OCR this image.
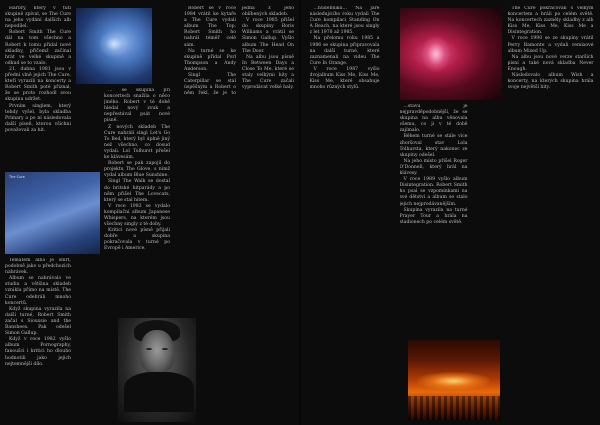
Harbry, který v tutí skupině zpíval, se The Cure na jeho vydání dalších alb nepodílel.

Robert Smith The Cure dál na tom všechno a Robert k tomu přidal nové skladby, přičemž začínal hrát ve velké skupině a odkud se to vzalo.

21. dubna 1981 jsou v přední vlně jejich The Cure, kteří vyrazili na koncerty a Robert Smith poté přiznal, že se proto rozhodl svou skupinu udržet.

Prvním singlem, který tehdy vyšel, byla skladba Primary a po ní následovala další píseň, kterou všichni považovali za hit.

The Cure

Tématem alba je smrt, podobně jako u předchozích nahrávek.

Album se nahrávalo ve studiu a většina skladeb vznikla přímo na místě. The Cure odehráli mnoho koncertů.

Když skupina vyrazila na další turné, Robert Smith začal s Siouxsie and the Banshees. Pak odešel Simon Gallup.

Když v roce 1982 vyšlo album Pornography, fanoušci i kritici ho dlouho hodnotili jako jejich nejtemnější dílo.

... se skupina při koncertech snažila o něco jiného. Robert v té době hledal nový zvuk a nepřestával psát nové písně.

Z nových skladeb The Cure nahráli singl Let's Go To Bed, který byl úplně jiný než všechno, co dosud vydali. Lol Tolhurst přešel ke klávesám.

Robert se pak zapojil do projektu The Glove, s nímž vydal album Blue Sunshine.

Singl The Walk se dostal do britské hitparády a po něm přišel The Lovecats, který se stal hitem.

V roce 1983 se vydalo kompilační album Japanese Whispers, na kterém jsou všechny singly z té doby.

Kritici nové písně přijali dobře a skupina pokračovala v turné po Evropě i Americe.

Robert se v roce 1984 vrátil ke kytaře a The Cure vydali album The Top. Robert Smith ho nahrál téměř celé sám.

Na turné se ke skupině přidal Porl Thompson a Andy Anderson.

Singl The Caterpillar se stal úspěšným a Robert o něm řekl, že je to jedna z jeho oblíbených skladeb.

V roce 1985 přišel do skupiny Boris Williams a vrátil se Simon Gallup. Vyšlo album The Head On The Door.

Na albu jsou písně In Between Days a Close To Me, které se staly velkými hity a The Cure začali vyprodávat velké haly.

...hudebníků... Na jaře následujícího roku vydali The Cure kompilaci Standing On A Beach, na které jsou singly z let 1978 až 1985.

Na přelomu roku 1985 a 1986 se skupina připravovala na další turné, které zaznamenali na videu The Cure In Orange.

V roce 1987 vyšlo dvojalbum Kiss Me, Kiss Me, Kiss Me, které obsahuje mnoho různých stylů.

...stavu je nejpravděpodobnější, že se skupina na albu věnovala všemu, co ji v té době zajímalo.

Během turné se stále více zhoršoval stav Lola Tolhursta, který nakonec ze skupiny odešel.

Na jeho místo přišel Roger O'Donnell, který hrál na klávesy.

V roce 1989 vyšlo album Disintegration. Robert Smith ho psal se vzpomínkami na své dětství a album se stalo jejich nejprodávanějším.

Skupina vyrazila na turné Prayer Tour a hrála na stadionech po celém světě.

The Cure pokračovali s velkým koncertem a hráli po celém světě. Na koncertech zazněly skladby z alb Kiss Me, Kiss Me, Kiss Me a Disintegration.

V roce 1990 se ze skupiny vrátil Perry Bamonte a vydali remixové album Mixed Up.

Na albu jsou nové verze starších písní a také nová skladba Never Enough.

Následovalo album Wish a koncerty, na kterých skupina hrála svoje největší hity.
